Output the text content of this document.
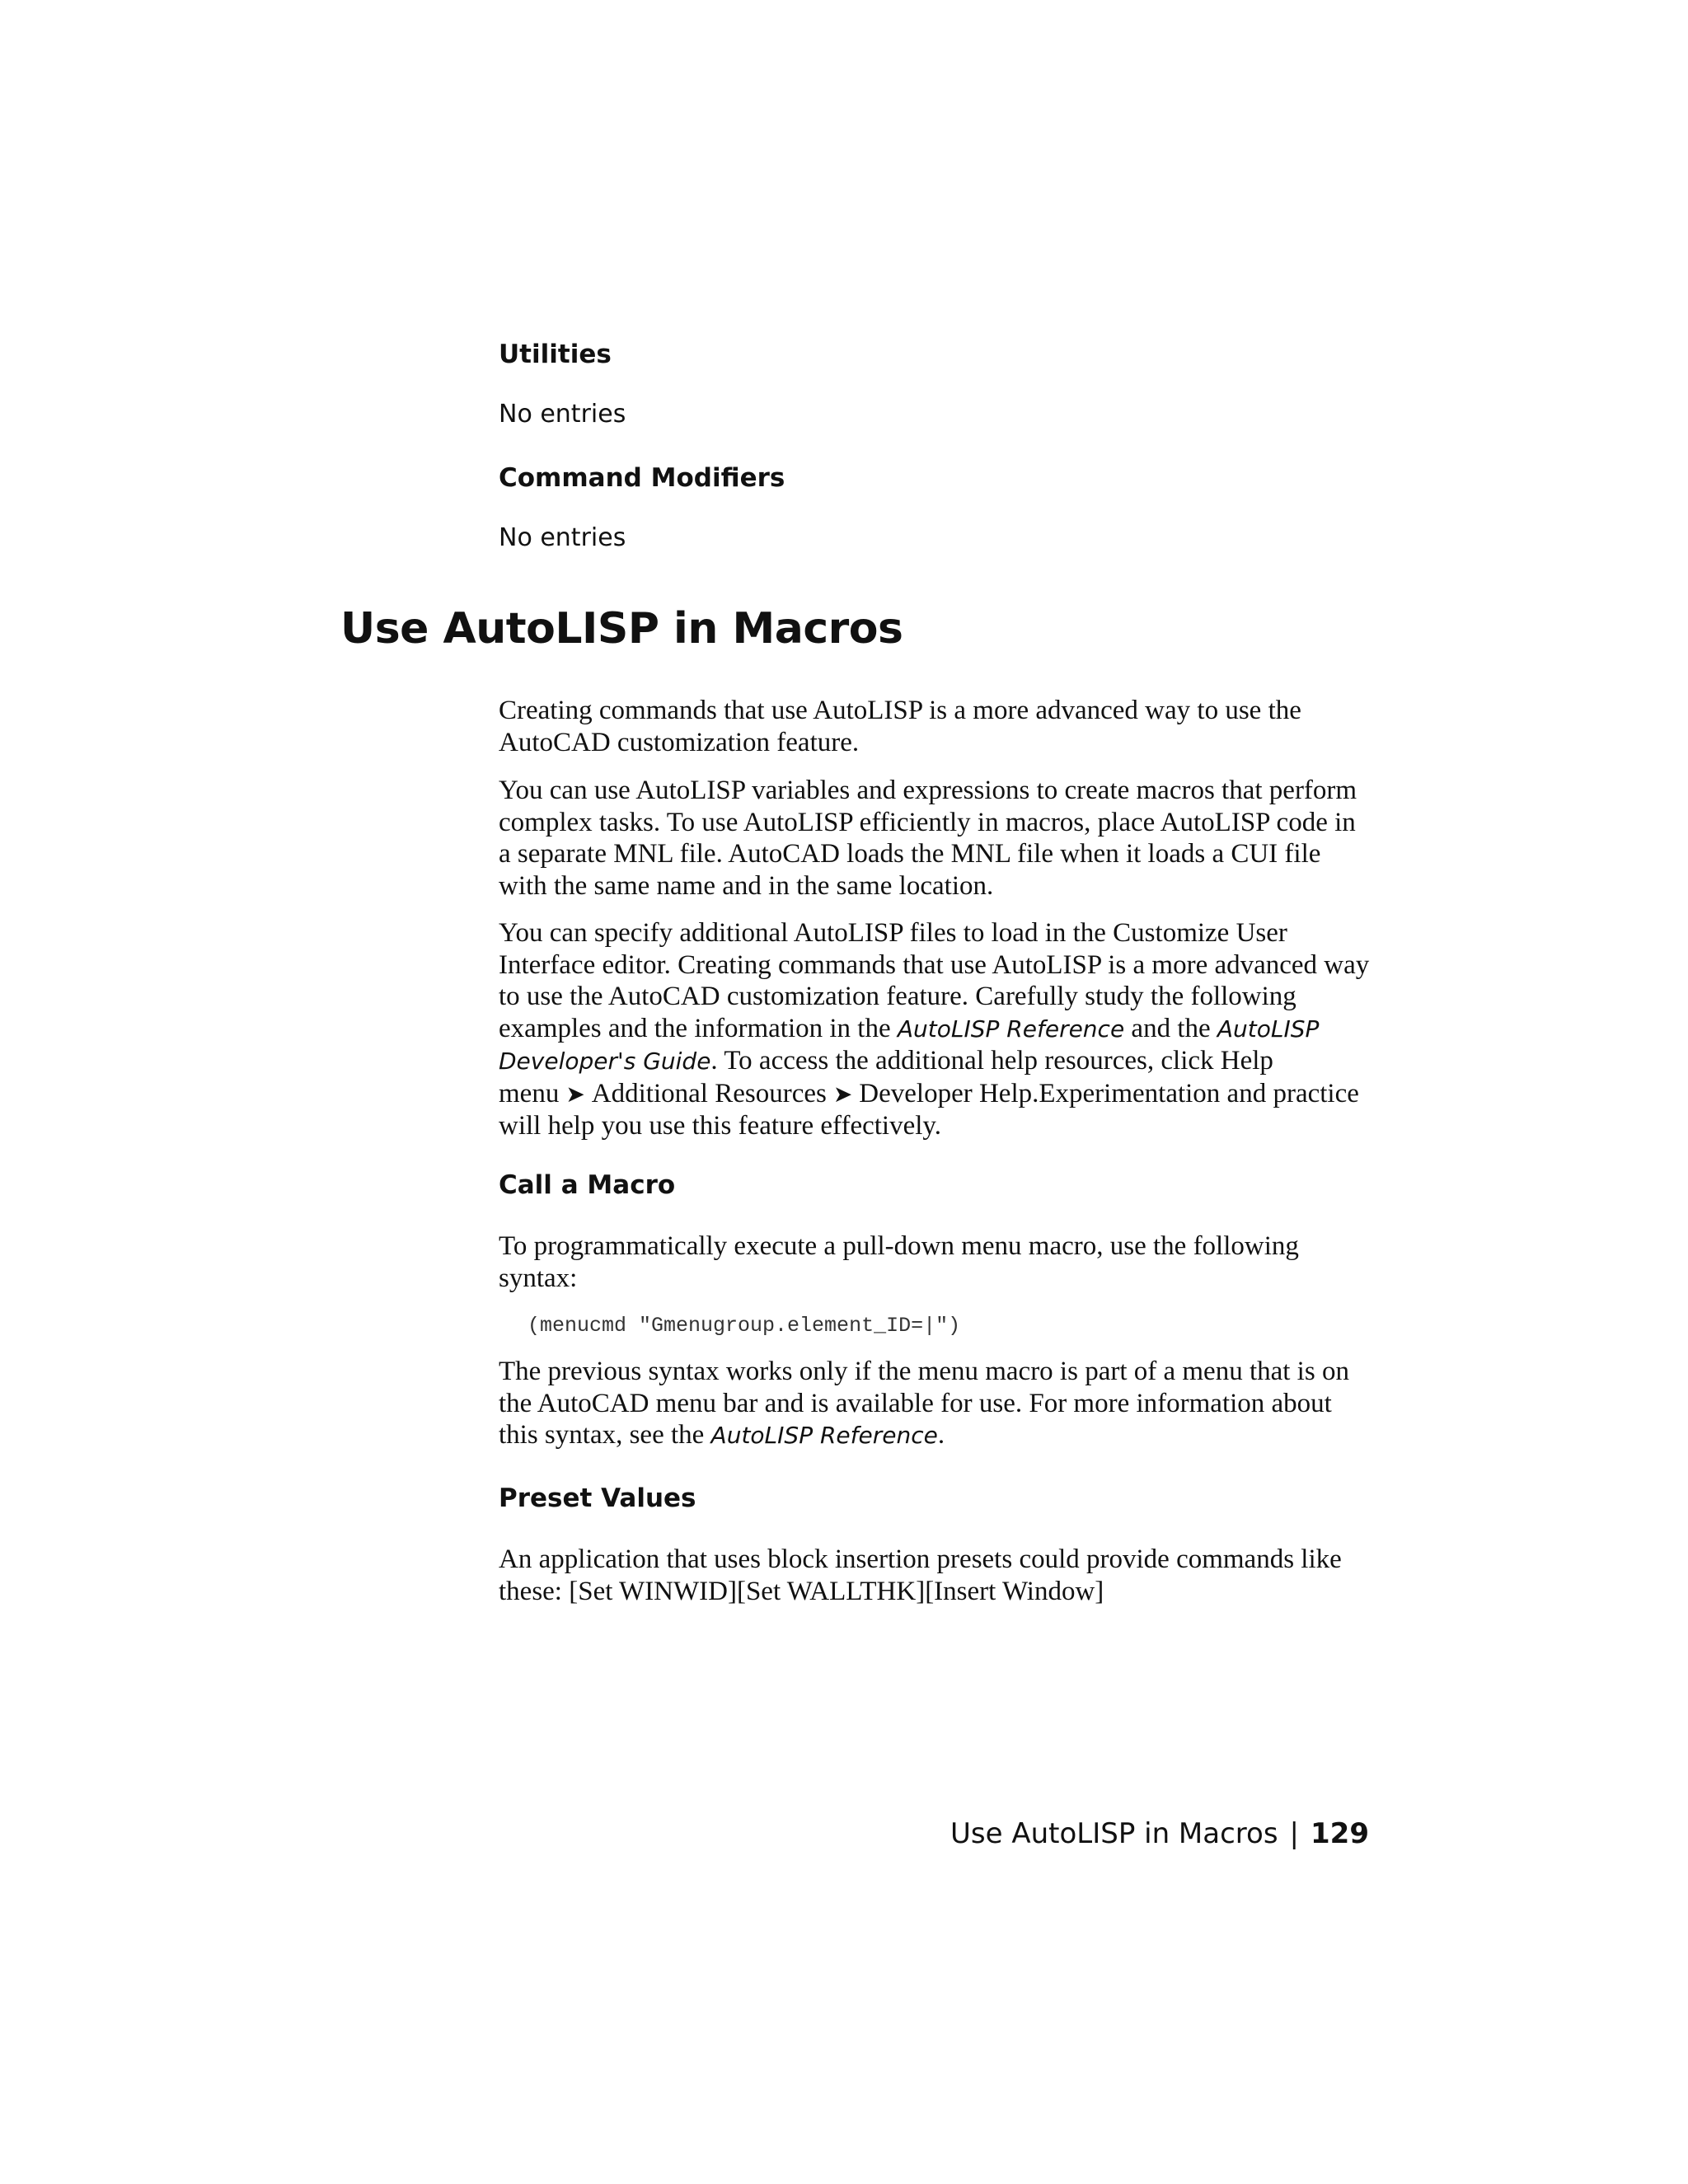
Utilities

No entries

Command Modifiers

No entries

Use AutoLISP in Macros

Creating commands that use AutoLISP is a more advanced way to use the AutoCAD customization feature.

You can use AutoLISP variables and expressions to create macros that perform complex tasks. To use AutoLISP efficiently in macros, place AutoLISP code in a separate MNL file. AutoCAD loads the MNL file when it loads a CUI file with the same name and in the same location.

You can specify additional AutoLISP files to load in the Customize User Interface editor. Creating commands that use AutoLISP is a more advanced way to use the AutoCAD customization feature. Carefully study the following examples and the information in the AutoLISP Reference and the AutoLISP Developer's Guide. To access the additional help resources, click Help menu ➤ Additional Resources ➤ Developer Help.Experimentation and practice will help you use this feature effectively.

Call a Macro

To programmatically execute a pull-down menu macro, use the following syntax:

(menucmd "Gmenugroup.element_ID=|")

The previous syntax works only if the menu macro is part of a menu that is on the AutoCAD menu bar and is available for use. For more information about this syntax, see the AutoLISP Reference.

Preset Values

An application that uses block insertion presets could provide commands like these: [Set WINWID][Set WALLTHK][Insert Window]

Use AutoLISP in Macros | 129
